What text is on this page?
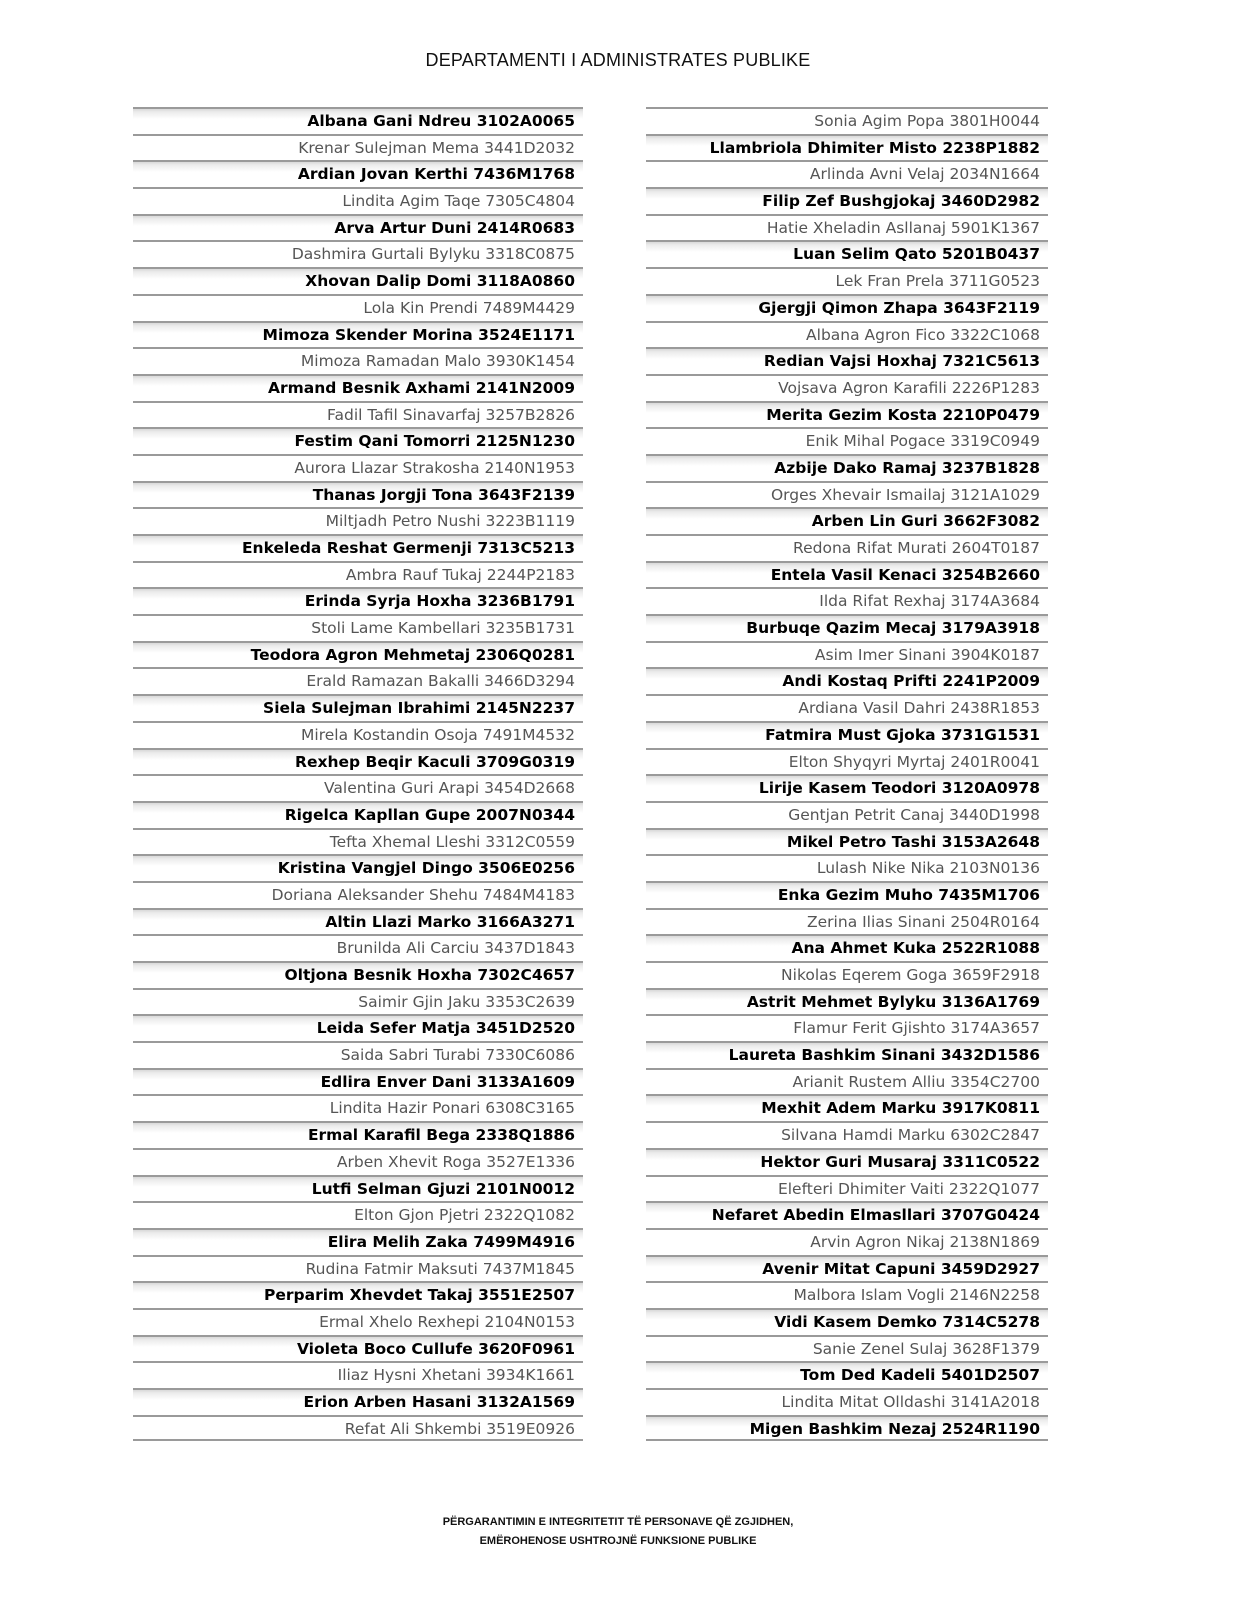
DEPARTAMENTI I ADMINISTRATES PUBLIKE
Albana Gani Ndreu 3102A0065
Krenar Sulejman Mema 3441D2032
Ardian Jovan Kerthi 7436M1768
Lindita Agim Taqe 7305C4804
Arva Artur Duni 2414R0683
Dashmira Gurtali Bylyku 3318C0875
Xhovan Dalip Domi 3118A0860
Lola Kin Prendi 7489M4429
Mimoza Skender Morina 3524E1171
Mimoza Ramadan Malo 3930K1454
Armand Besnik Axhami 2141N2009
Fadil Tafil Sinavarfaj 3257B2826
Festim Qani Tomorri 2125N1230
Aurora Llazar Strakosha 2140N1953
Thanas Jorgji Tona 3643F2139
Miltjadh Petro Nushi 3223B1119
Enkeleda Reshat Germenji 7313C5213
Ambra Rauf Tukaj 2244P2183
Erinda Syrja Hoxha 3236B1791
Stoli Lame Kambellari 3235B1731
Teodora Agron Mehmetaj 2306Q0281
Erald Ramazan Bakalli 3466D3294
Siela Sulejman Ibrahimi 2145N2237
Mirela Kostandin Osoja 7491M4532
Rexhep Beqir Kaculi 3709G0319
Valentina Guri Arapi 3454D2668
Rigelca Kapllan Gupe 2007N0344
Tefta Xhemal Lleshi 3312C0559
Kristina Vangjel Dingo 3506E0256
Doriana Aleksander Shehu 7484M4183
Altin Llazi Marko 3166A3271
Brunilda Ali Carciu 3437D1843
Oltjona Besnik Hoxha 7302C4657
Saimir Gjin Jaku 3353C2639
Leida Sefer Matja 3451D2520
Saida Sabri Turabi 7330C6086
Edlira Enver Dani 3133A1609
Lindita Hazir Ponari 6308C3165
Ermal Karafil Bega 2338Q1886
Arben Xhevit Roga 3527E1336
Lutfi Selman Gjuzi 2101N0012
Elton Gjon Pjetri 2322Q1082
Elira Melih Zaka 7499M4916
Rudina Fatmir Maksuti 7437M1845
Perparim Xhevdet Takaj 3551E2507
Ermal Xhelo Rexhepi 2104N0153
Violeta Boco Cullufe 3620F0961
Iliaz Hysni Xhetani 3934K1661
Erion Arben Hasani 3132A1569
Refat Ali Shkembi 3519E0926
Sonia Agim Popa 3801H0044
Llambriola Dhimiter Misto 2238P1882
Arlinda Avni Velaj 2034N1664
Filip Zef Bushgjokaj 3460D2982
Hatie Xheladin Asllanaj 5901K1367
Luan Selim Qato 5201B0437
Lek Fran Prela 3711G0523
Gjergji Qimon Zhapa 3643F2119
Albana Agron Fico 3322C1068
Redian Vajsi Hoxhaj 7321C5613
Vojsava Agron Karafili 2226P1283
Merita Gezim Kosta 2210P0479
Enik Mihal Pogace 3319C0949
Azbije Dako Ramaj 3237B1828
Orges Xhevair Ismailaj 3121A1029
Arben Lin Guri 3662F3082
Redona Rifat Murati 2604T0187
Entela Vasil Kenaci 3254B2660
Ilda Rifat Rexhaj 3174A3684
Burbuqe Qazim Mecaj 3179A3918
Asim Imer Sinani 3904K0187
Andi Kostaq Prifti 2241P2009
Ardiana Vasil Dahri 2438R1853
Fatmira Must Gjoka 3731G1531
Elton Shyqyri Myrtaj 2401R0041
Lirije Kasem Teodori 3120A0978
Gentjan Petrit Canaj 3440D1998
Mikel Petro Tashi 3153A2648
Lulash Nike Nika 2103N0136
Enka Gezim Muho 7435M1706
Zerina Ilias Sinani 2504R0164
Ana Ahmet Kuka 2522R1088
Nikolas Eqerem Goga 3659F2918
Astrit Mehmet Bylyku 3136A1769
Flamur Ferit Gjishto 3174A3657
Laureta Bashkim Sinani 3432D1586
Arianit Rustem Alliu 3354C2700
Mexhit Adem Marku 3917K0811
Silvana Hamdi Marku 6302C2847
Hektor Guri Musaraj 3311C0522
Elefteri Dhimiter Vaiti 2322Q1077
Nefaret Abedin Elmasllari 3707G0424
Arvin Agron Nikaj 2138N1869
Avenir Mitat Capuni 3459D2927
Malbora Islam Vogli 2146N2258
Vidi Kasem Demko 7314C5278
Sanie Zenel Sulaj 3628F1379
Tom Ded Kadeli 5401D2507
Lindita Mitat Olldashi 3141A2018
Migen Bashkim Nezaj 2524R1190
PËRGARANTIMIN E INTEGRITETIT TË PERSONAVE QË ZGJIDHEN,
EMËROHENOSE USHTROJNË FUNKSIONE PUBLIKE
